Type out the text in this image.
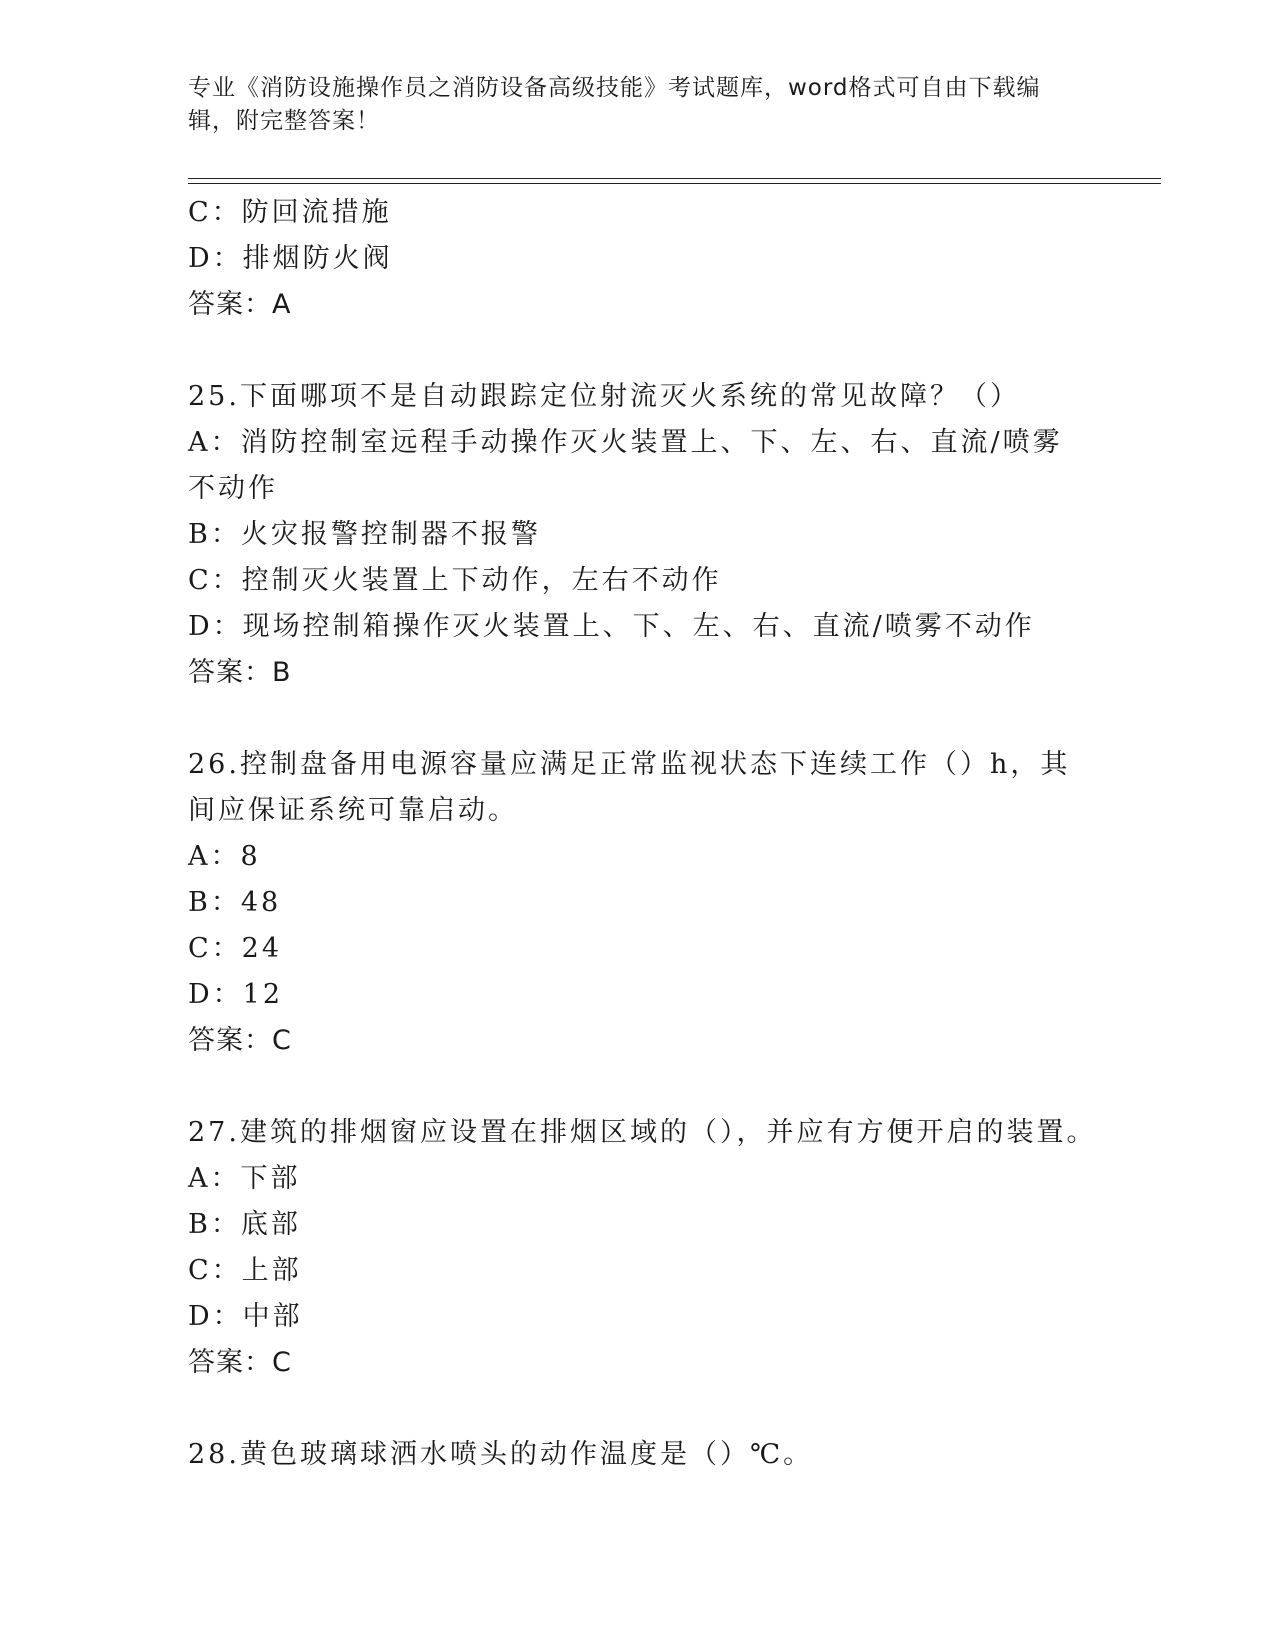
专业《消防设施操作员之消防设备高级技能》考试题库，word格式可自由下载编辑，附完整答案！
C：防回流措施
D：排烟防火阀
答案：A
25.下面哪项不是自动跟踪定位射流灭火系统的常见故障？（）
A：消防控制室远程手动操作灭火装置上、下、左、右、直流/喷雾不动作
B：火灾报警控制器不报警
C：控制灭火装置上下动作，左右不动作
D：现场控制箱操作灭火装置上、下、左、右、直流/喷雾不动作
答案：B
26.控制盘备用电源容量应满足正常监视状态下连续工作（）h，其间应保证系统可靠启动。
A：8
B：48
C：24
D：12
答案：C
27.建筑的排烟窗应设置在排烟区域的（），并应有方便开启的装置。
A：下部
B：底部
C：上部
D：中部
答案：C
28.黄色玻璃球洒水喷头的动作温度是（）℃。
